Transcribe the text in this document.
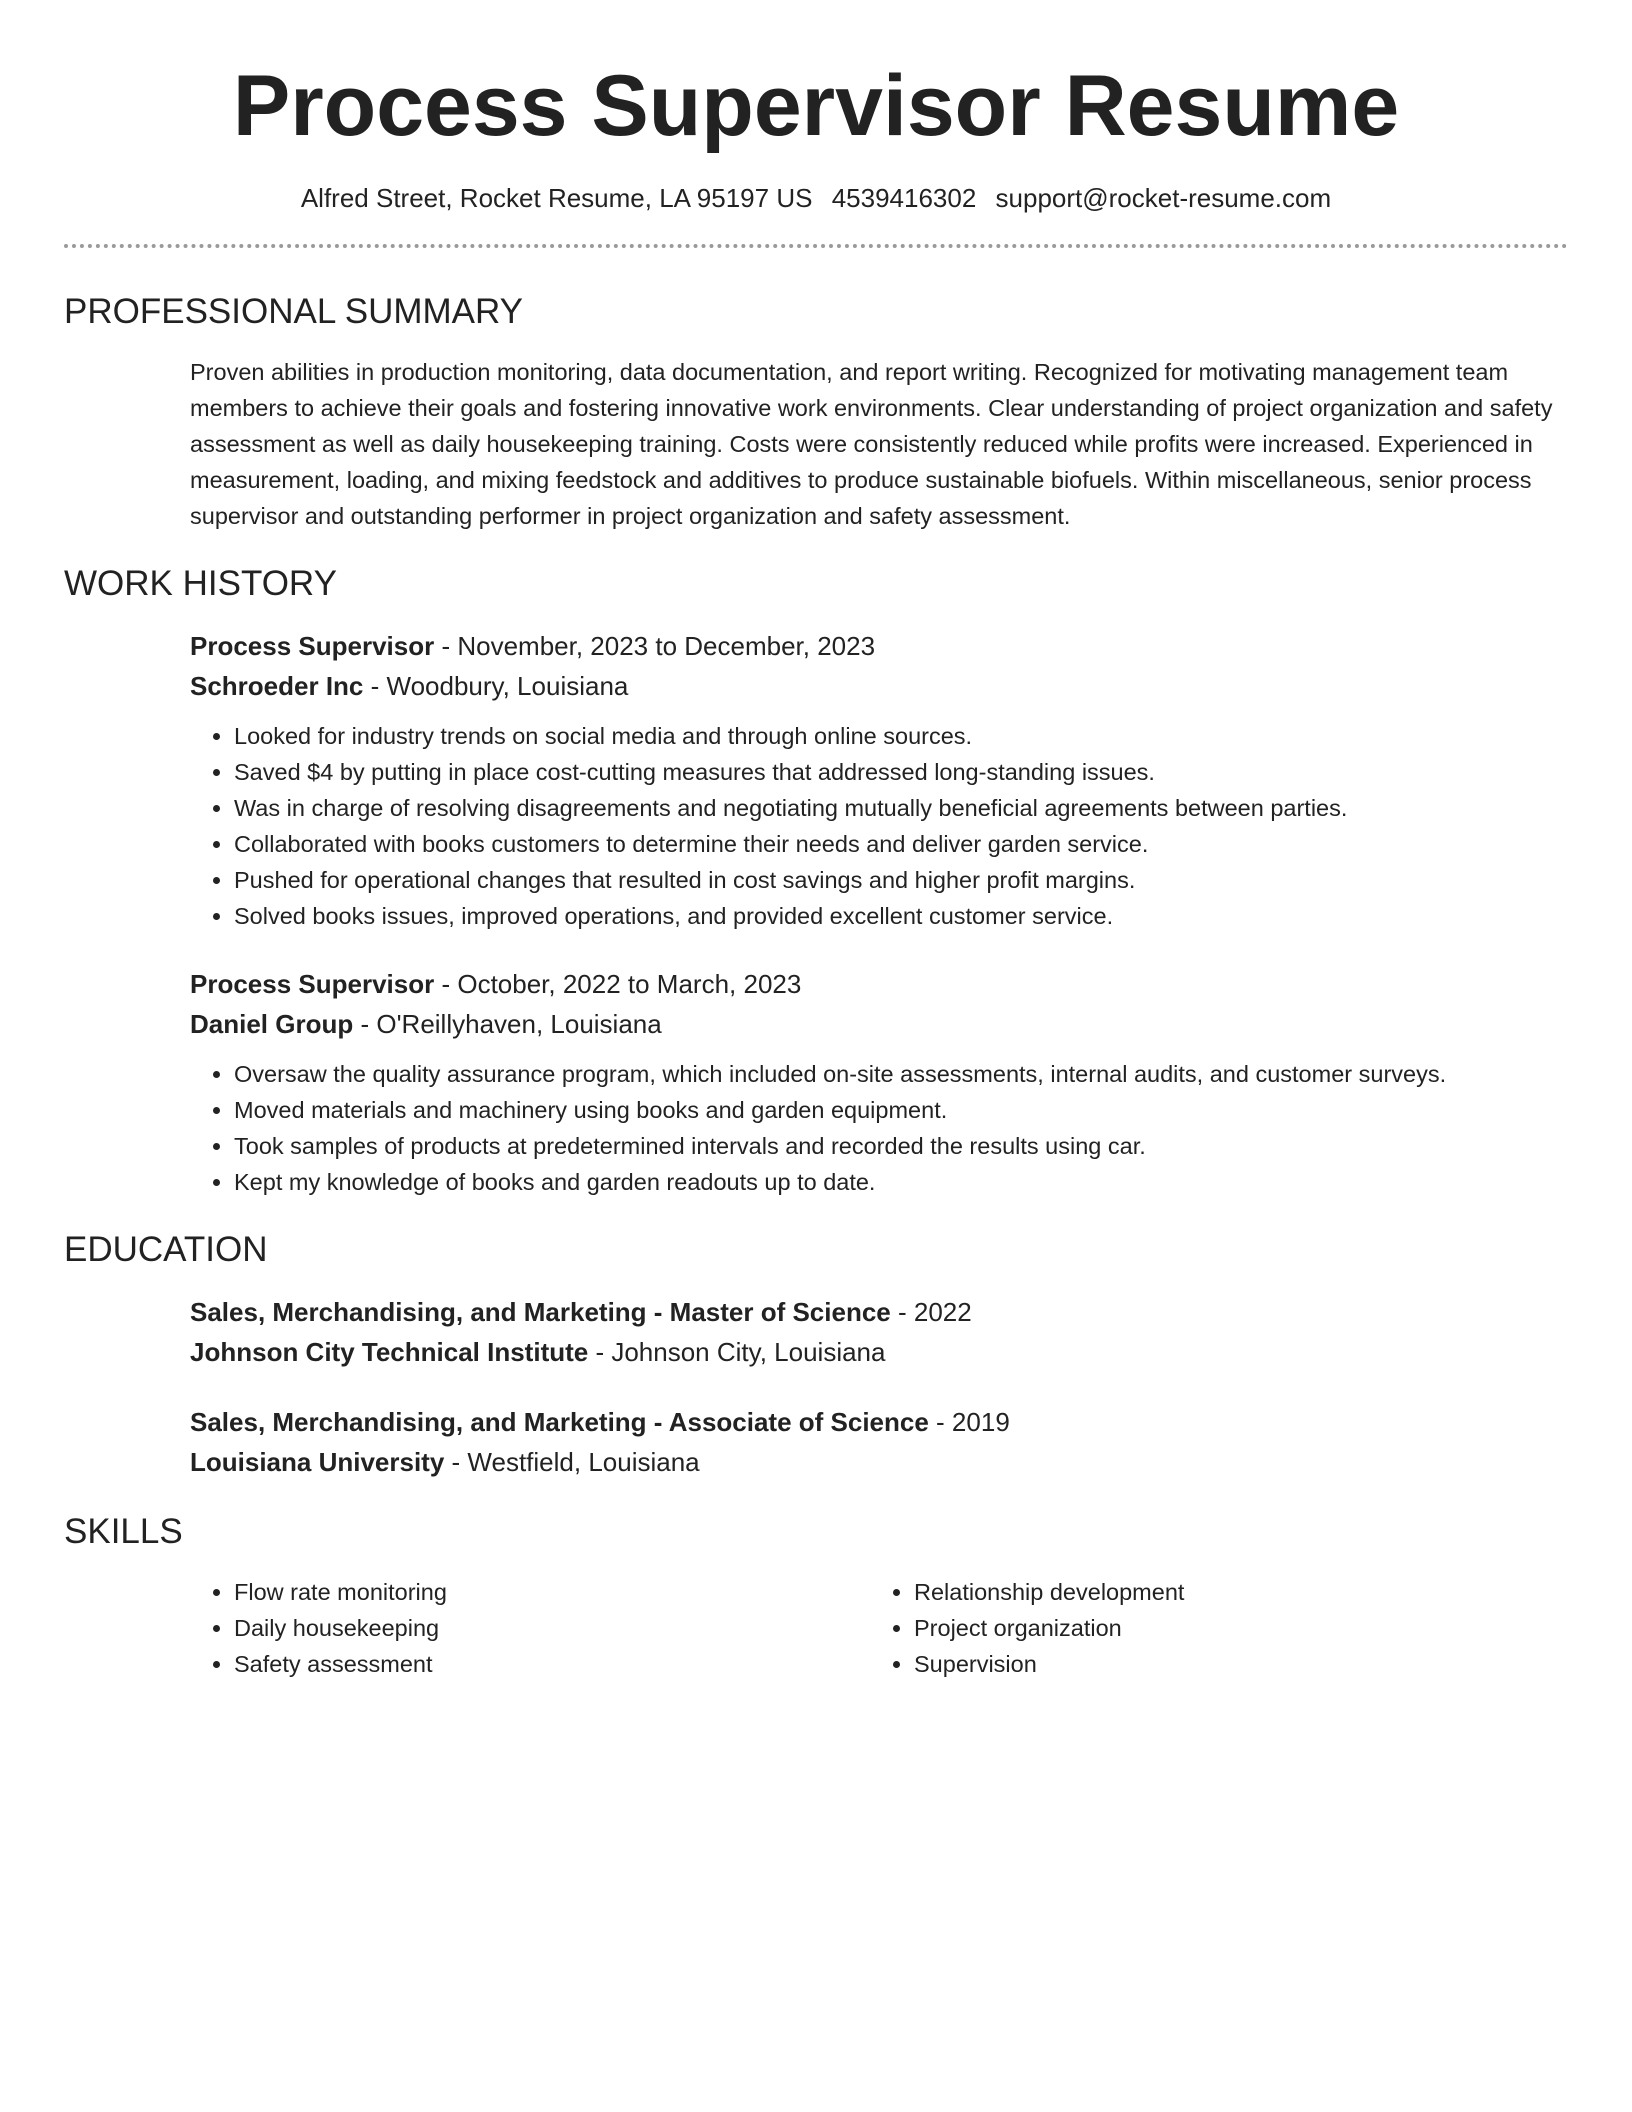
Process Supervisor Resume
Alfred Street, Rocket Resume, LA 95197 US 4539416302 support@rocket-resume.com
PROFESSIONAL SUMMARY

Proven abilities in production monitoring, data documentation, and report writing. Recognized for motivating management team members to achieve their goals and fostering innovative work environments. Clear understanding of project organization and safety assessment as well as daily housekeeping training. Costs were consistently reduced while profits were increased. Experienced in measurement, loading, and mixing feedstock and additives to produce sustainable biofuels. Within miscellaneous, senior process supervisor and outstanding performer in project organization and safety assessment.

WORK HISTORY
Process Supervisor - November, 2023 to December, 2023
Schroeder Inc - Woodbury, Louisiana
• Looked for industry trends on social media and through online sources.
• Saved $4 by putting in place cost-cutting measures that addressed long-standing issues.
• Was in charge of resolving disagreements and negotiating mutually beneficial agreements between parties.
• Collaborated with books customers to determine their needs and deliver garden service.
• Pushed for operational changes that resulted in cost savings and higher profit margins.
• Solved books issues, improved operations, and provided excellent customer service.
Process Supervisor - October, 2022 to March, 2023
Daniel Group - O'Reillyhaven, Louisiana
• Oversaw the quality assurance program, which included on-site assessments, internal audits, and customer surveys.
• Moved materials and machinery using books and garden equipment.
• Took samples of products at predetermined intervals and recorded the results using car.
• Kept my knowledge of books and garden readouts up to date.
EDUCATION
Sales, Merchandising, and Marketing - Master of Science - 2022
Johnson City Technical Institute - Johnson City, Louisiana
Sales, Merchandising, and Marketing - Associate of Science - 2019
Louisiana University - Westfield, Louisiana
SKILLS
• Flow rate monitoring
• Daily housekeeping
• Safety assessment
• Relationship development
• Project organization
• Supervision
